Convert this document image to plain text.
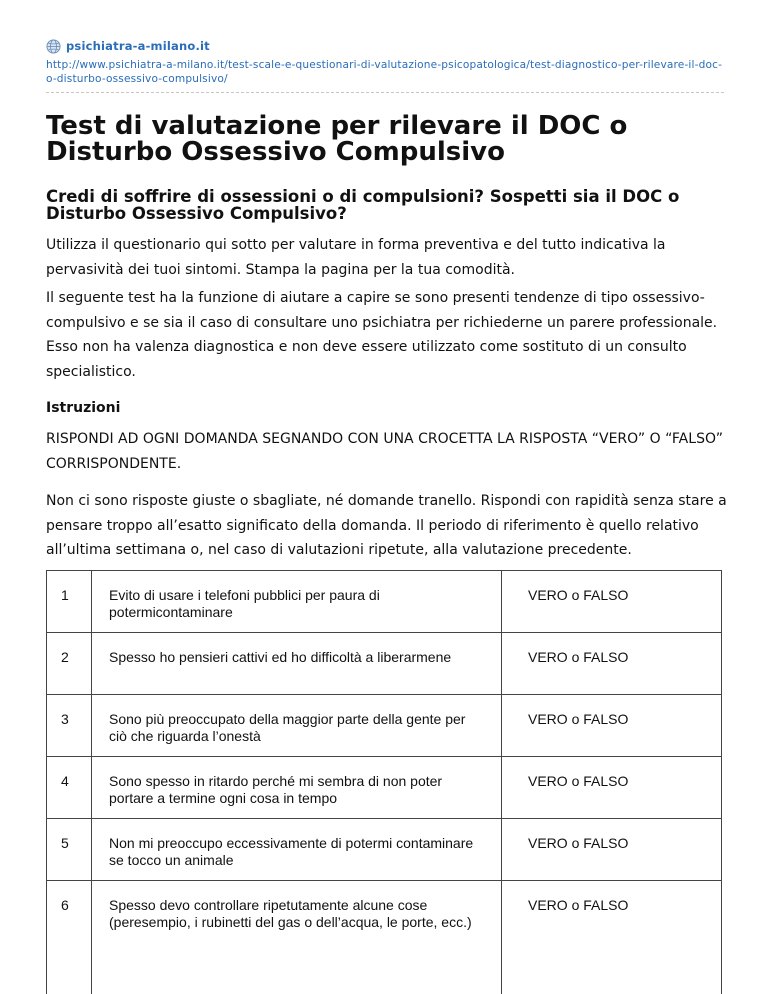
psichiatra-a-milano.it
http://www.psichiatra-a-milano.it/test-scale-e-questionari-di-valutazione-psicopatologica/test-diagnostico-per-rilevare-il-doc-o-disturbo-ossessivo-compulsivo/
Test di valutazione per rilevare il DOC o Disturbo Ossessivo Compulsivo
Credi di soffrire di ossessioni o di compulsioni? Sospetti sia il DOC o Disturbo Ossessivo Compulsivo?

Utilizza il questionario qui sotto per valutare in forma preventiva e del tutto indicativa la pervasività dei tuoi sintomi. Stampa la pagina per la tua comodità.

Il seguente test ha la funzione di aiutare a capire se sono presenti tendenze di tipo ossessivo-compulsivo e se sia il caso di consultare uno psichiatra per richiederne un parere professionale. Esso non ha valenza diagnostica e non deve essere utilizzato come sostituto di un consulto specialistico.

Istruzioni

RISPONDI AD OGNI DOMANDA SEGNANDO CON UNA CROCETTA LA RISPOSTA “VERO” O “FALSO” CORRISPONDENTE.

Non ci sono risposte giuste o sbagliate, né domande tranello. Rispondi con rapidità senza stare a pensare troppo all’esatto significato della domanda. Il periodo di riferimento è quello relativo all’ultima settimana o, nel caso di valutazioni ripetute, alla valutazione precedente.

1	Evito di usare i telefoni pubblici per paura di potermicontaminare	VERO o FALSO
2	Spesso ho pensieri cattivi ed ho difficoltà a liberarmene	VERO o FALSO
3	Sono più preoccupato della maggior parte della gente per ciò che riguarda l’onestà	VERO o FALSO
4	Sono spesso in ritardo perché mi sembra di non poter portare a termine ogni cosa in tempo	VERO o FALSO
5	Non mi preoccupo eccessivamente di potermi contaminare se tocco un animale	VERO o FALSO
6	Spesso devo controllare ripetutamente alcune cose (peresempio, i rubinetti del gas o dell’acqua, le porte, ecc.)	VERO o FALSO
